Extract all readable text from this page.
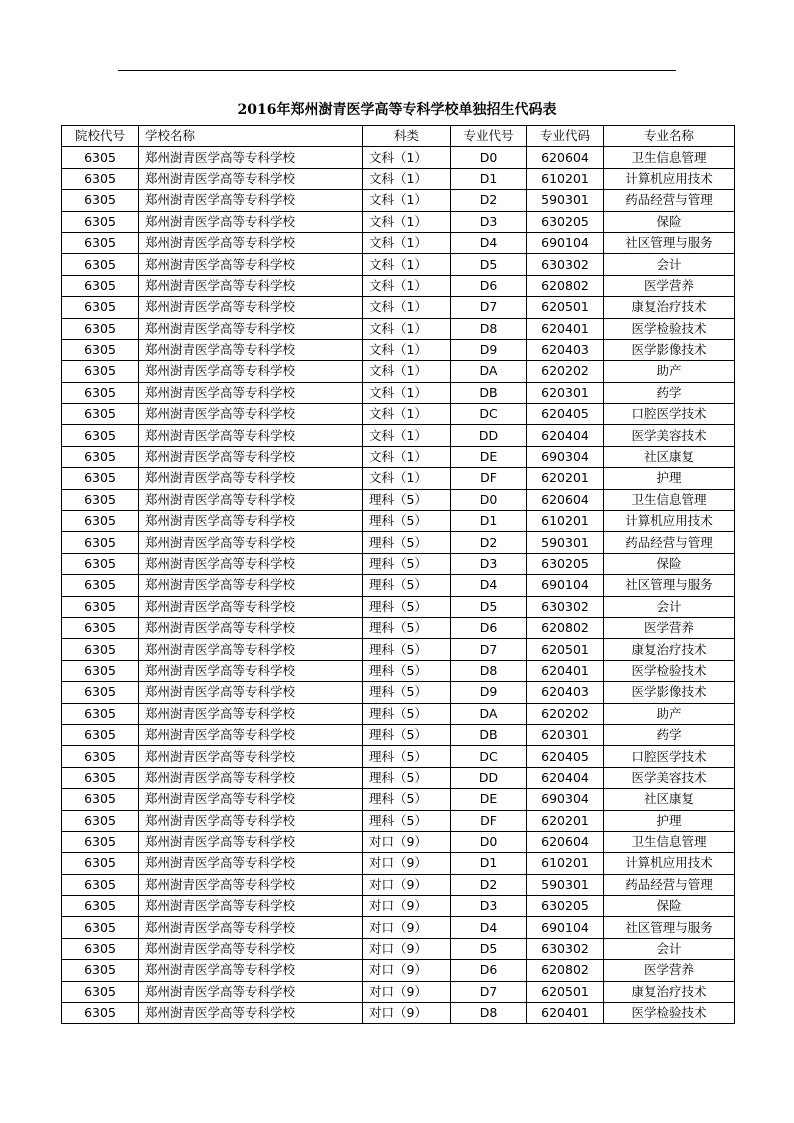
2016年郑州澍青医学高等专科学校单独招生代码表
院校代号	学校名称	科类	专业代号	专业代码	专业名称
6305	郑州澍青医学高等专科学校	文科（1）	D0	620604	卫生信息管理
6305	郑州澍青医学高等专科学校	文科（1）	D1	610201	计算机应用技术
6305	郑州澍青医学高等专科学校	文科（1）	D2	590301	药品经营与管理
6305	郑州澍青医学高等专科学校	文科（1）	D3	630205	保险
6305	郑州澍青医学高等专科学校	文科（1）	D4	690104	社区管理与服务
6305	郑州澍青医学高等专科学校	文科（1）	D5	630302	会计
6305	郑州澍青医学高等专科学校	文科（1）	D6	620802	医学营养
6305	郑州澍青医学高等专科学校	文科（1）	D7	620501	康复治疗技术
6305	郑州澍青医学高等专科学校	文科（1）	D8	620401	医学检验技术
6305	郑州澍青医学高等专科学校	文科（1）	D9	620403	医学影像技术
6305	郑州澍青医学高等专科学校	文科（1）	DA	620202	助产
6305	郑州澍青医学高等专科学校	文科（1）	DB	620301	药学
6305	郑州澍青医学高等专科学校	文科（1）	DC	620405	口腔医学技术
6305	郑州澍青医学高等专科学校	文科（1）	DD	620404	医学美容技术
6305	郑州澍青医学高等专科学校	文科（1）	DE	690304	社区康复
6305	郑州澍青医学高等专科学校	文科（1）	DF	620201	护理
6305	郑州澍青医学高等专科学校	理科（5）	D0	620604	卫生信息管理
6305	郑州澍青医学高等专科学校	理科（5）	D1	610201	计算机应用技术
6305	郑州澍青医学高等专科学校	理科（5）	D2	590301	药品经营与管理
6305	郑州澍青医学高等专科学校	理科（5）	D3	630205	保险
6305	郑州澍青医学高等专科学校	理科（5）	D4	690104	社区管理与服务
6305	郑州澍青医学高等专科学校	理科（5）	D5	630302	会计
6305	郑州澍青医学高等专科学校	理科（5）	D6	620802	医学营养
6305	郑州澍青医学高等专科学校	理科（5）	D7	620501	康复治疗技术
6305	郑州澍青医学高等专科学校	理科（5）	D8	620401	医学检验技术
6305	郑州澍青医学高等专科学校	理科（5）	D9	620403	医学影像技术
6305	郑州澍青医学高等专科学校	理科（5）	DA	620202	助产
6305	郑州澍青医学高等专科学校	理科（5）	DB	620301	药学
6305	郑州澍青医学高等专科学校	理科（5）	DC	620405	口腔医学技术
6305	郑州澍青医学高等专科学校	理科（5）	DD	620404	医学美容技术
6305	郑州澍青医学高等专科学校	理科（5）	DE	690304	社区康复
6305	郑州澍青医学高等专科学校	理科（5）	DF	620201	护理
6305	郑州澍青医学高等专科学校	对口（9）	D0	620604	卫生信息管理
6305	郑州澍青医学高等专科学校	对口（9）	D1	610201	计算机应用技术
6305	郑州澍青医学高等专科学校	对口（9）	D2	590301	药品经营与管理
6305	郑州澍青医学高等专科学校	对口（9）	D3	630205	保险
6305	郑州澍青医学高等专科学校	对口（9）	D4	690104	社区管理与服务
6305	郑州澍青医学高等专科学校	对口（9）	D5	630302	会计
6305	郑州澍青医学高等专科学校	对口（9）	D6	620802	医学营养
6305	郑州澍青医学高等专科学校	对口（9）	D7	620501	康复治疗技术
6305	郑州澍青医学高等专科学校	对口（9）	D8	620401	医学检验技术
